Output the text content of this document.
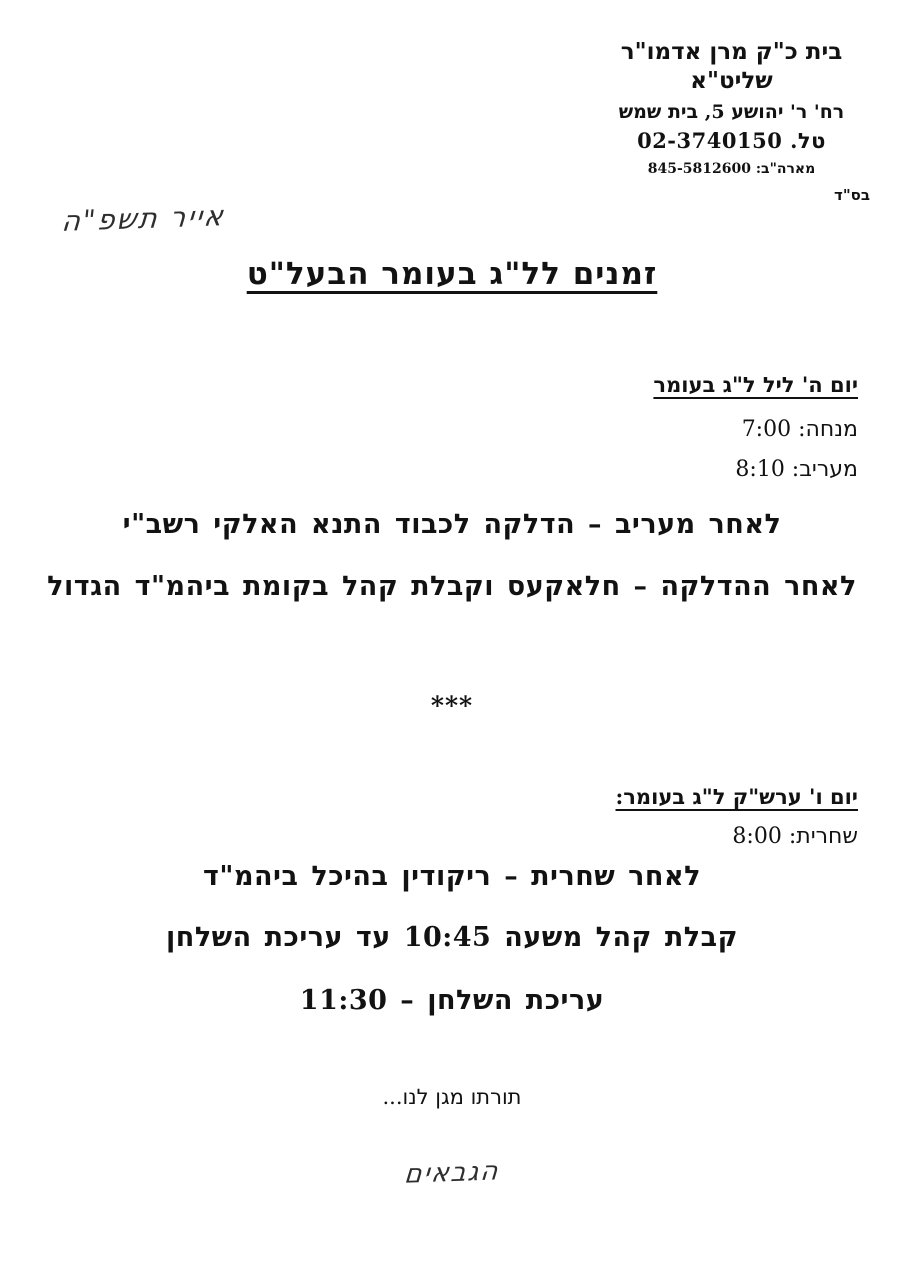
בית כ"ק מרן אדמו"ר שליט"א
רח' ר' יהושע 5, בית שמש
טל. 02-3740150
מארה"ב: 845-5812600
בס"ד
אייר תשפ"ה
זמנים לל"ג בעומר הבעל"ט
יום ה' ליל ל"ג בעומר
מנחה: 7:00
מעריב: 8:10
לאחר מעריב – הדלקה לכבוד התנא האלקי רשב"י
לאחר ההדלקה – חלאקעס וקבלת קהל בקומת ביהמ"ד הגדול
***
יום ו' ערש"ק ל"ג בעומר:
שחרית: 8:00
לאחר שחרית – ריקודין בהיכל ביהמ"ד
קבלת קהל משעה 10:45 עד עריכת השלחן
עריכת השלחן – 11:30
תורתו מגן לנו...
הגבאים
